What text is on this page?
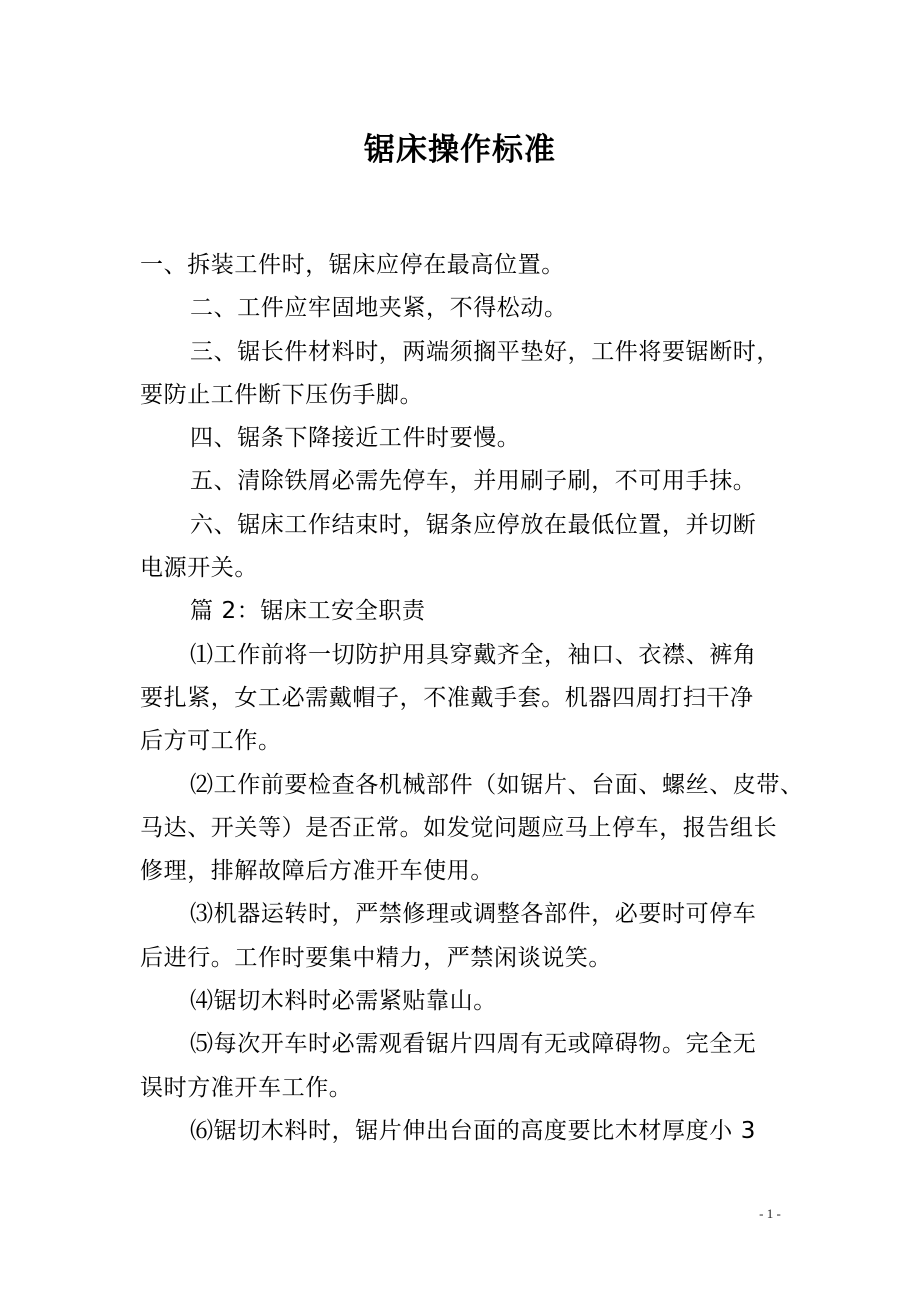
锯床操作标准

一、拆装工件时，锯床应停在最高位置。

二、工件应牢固地夹紧，不得松动。

三、锯长件材料时，两端须搁平垫好，工件将要锯断时，
要防止工件断下压伤手脚。

四、锯条下降接近工件时要慢。

五、清除铁屑必需先停车，并用刷子刷，不可用手抹。

六、锯床工作结束时，锯条应停放在最低位置，并切断
电源开关。

篇 2：锯床工安全职责

⑴工作前将一切防护用具穿戴齐全，袖口、衣襟、裤角
要扎紧，女工必需戴帽子，不准戴手套。机器四周打扫干净
后方可工作。

⑵工作前要检查各机械部件（如锯片、台面、螺丝、皮带、
马达、开关等）是否正常。如发觉问题应马上停车，报告组长
修理，排解故障后方准开车使用。

⑶机器运转时，严禁修理或调整各部件，必要时可停车
后进行。工作时要集中精力，严禁闲谈说笑。

⑷锯切木料时必需紧贴靠山。

⑸每次开车时必需观看锯片四周有无或障碍物。完全无
误时方准开车工作。

⑹锯切木料时，锯片伸出台面的高度要比木材厚度小 3

- 1 -
